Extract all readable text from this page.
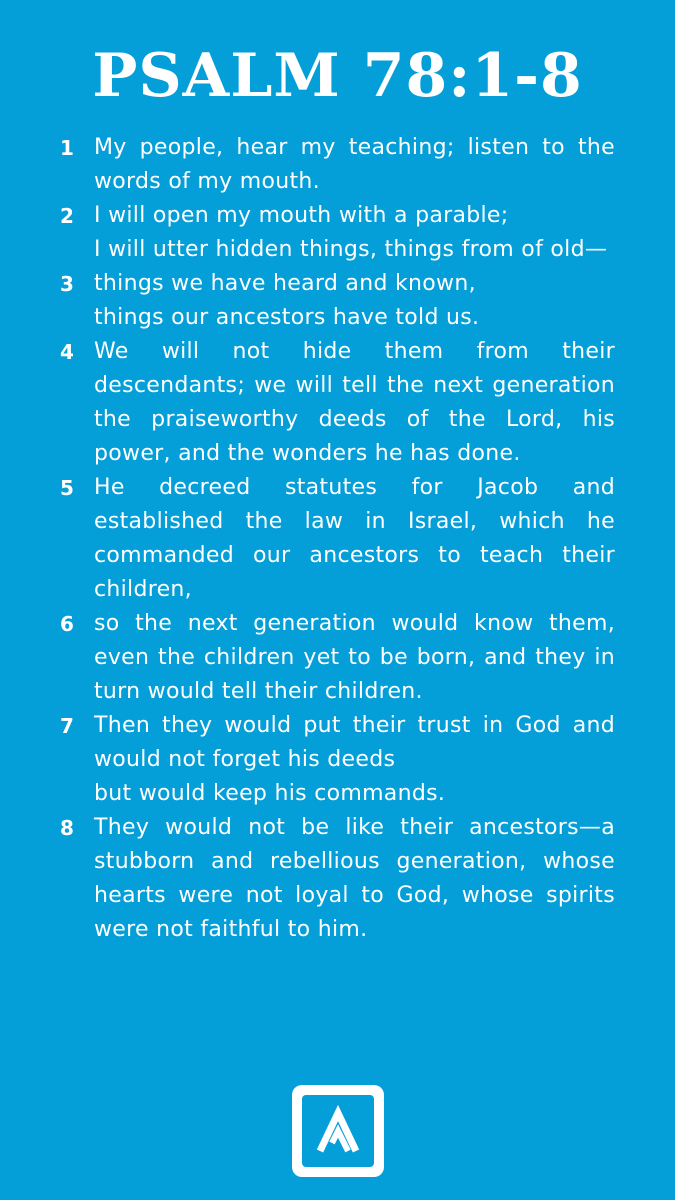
PSALM 78:1-8
1 My people, hear my teaching; listen to the words of my mouth.
2 I will open my mouth with a parable;
I will utter hidden things, things from of old—
3 things we have heard and known,
things our ancestors have told us.
4 We will not hide them from their descendants; we will tell the next generation the praiseworthy deeds of the Lord, his power, and the wonders he has done.
5 He decreed statutes for Jacob and established the law in Israel, which he commanded our ancestors to teach their children,
6 so the next generation would know them, even the children yet to be born, and they in turn would tell their children.
7 Then they would put their trust in God and would not forget his deeds
but would keep his commands.
8 They would not be like their ancestors—a stubborn and rebellious generation, whose hearts were not loyal to God, whose spirits were not faithful to him.
